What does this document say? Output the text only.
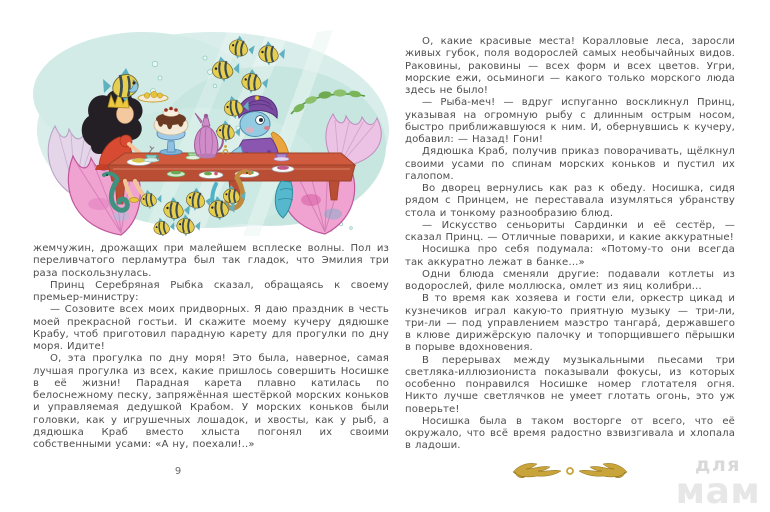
жемчужин, дрожащих при малейшем всплеске волны. Пол из переливчатого перламутра был так гладок, что Эмилия три раза поскользнулась.

Принц Серебряная Рыбка сказал, обращаясь к своему премьер-министру:

— Созовите всех моих придворных. Я даю праздник в честь моей прекрасной гостьи. И скажите моему кучеру дядюшке Крабу, чтоб приготовил парадную карету для прогулки по дну моря. Идите!

О, эта прогулка по дну моря! Это была, наверное, самая лучшая прогулка из всех, какие пришлось совершить Носишке в её жизни! Парадная карета плавно катилась по белоснежному песку, запряжённая шестёркой морских коньков и управляемая дедушкой Крабом. У морских коньков были головки, как у игрушечных лошадок, и хвосты, как у рыб, а дядюшка Краб вместо хлыста погонял их своими собственными усами: «А ну, поехали!..»

9

О, какие красивые места! Коралловые леса, заросли живых губок, поля водорослей самых необычайных видов. Раковины, раковины — всех форм и всех цветов. Угри, морские ежи, осьминоги — какого только морского люда здесь не было!

— Рыба-меч! — вдруг испуганно воскликнул Принц, указывая на огромную рыбу с длинным острым носом, быстро приближавшуюся к ним. И, обернувшись к кучеру, добавил: — Назад! Гони!

Дядюшка Краб, получив приказ поворачивать, щёлкнул своими усами по спинам морских коньков и пустил их галопом.

Во дворец вернулись как раз к обеду. Носишка, сидя рядом с Принцем, не переставала изумляться убранству стола и тонкому разнообразию блюд.

— Искусство сеньориты Сардинки и её сестёр, — сказал Принц. — Отличные поварихи, и какие аккуратные!

Носишка про себя подумала: «Потому-то они всегда так аккуратно лежат в банке…»

Одни блюда сменяли другие: подавали котлеты из водорослей, филе моллюска, омлет из яиц колибри…

В то время как хозяева и гости ели, оркестр цикад и кузнечиков играл какую-то приятную музыку — три-ли, три-ли — под управлением маэстро тангара́, державшего в клюве дирижёрскую палочку и топорщившего пёрышки в порыве вдохновения.

В перерывах между музыкальными пьесами три светляка-иллюзиониста показывали фокусы, из которых особенно понравился Носишке номер глотателя огня. Никто лучше светлячков не умеет глотать огонь, это уж поверьте!

Носишка была в таком восторге от всего, что её окружало, что всё время радостно взвизгивала и хлопала в ладоши.

для
мам
